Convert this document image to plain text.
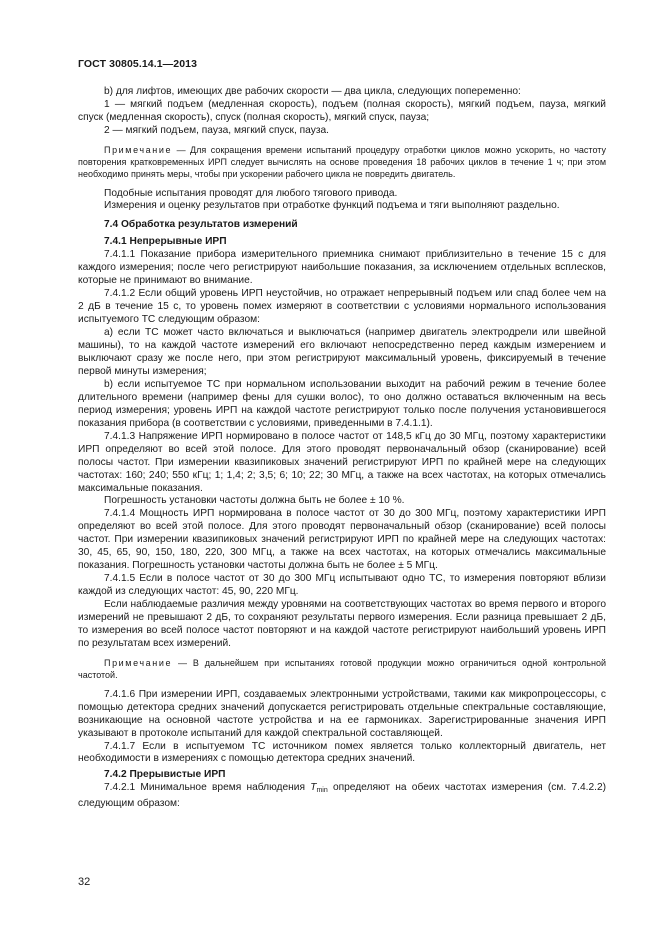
ГОСТ 30805.14.1—2013

b) для лифтов, имеющих две рабочих скорости — два цикла, следующих попеременно:

1 — мягкий подъем (медленная скорость), подъем (полная скорость), мягкий подъем, пауза, мягкий спуск (медленная скорость), спуск (полная скорость), мягкий спуск, пауза;

2 — мягкий подъем, пауза, мягкий спуск, пауза.

Примечание — Для сокращения времени испытаний процедуру отработки циклов можно ускорить, но частоту повторения кратковременных ИРП следует вычислять на основе проведения 18 рабочих циклов в течение 1 ч; при этом необходимо принять меры, чтобы при ускорении рабочего цикла не повредить двигатель.

Подобные испытания проводят для любого тягового привода.

Измерения и оценку результатов при отработке функций подъема и тяги выполняют раздельно.

7.4 Обработка результатов измерений

7.4.1 Непрерывные ИРП

7.4.1.1 Показание прибора измерительного приемника снимают приблизительно в течение 15 с для каждого измерения; после чего регистрируют наибольшие показания, за исключением отдельных всплесков, которые не принимают во внимание.

7.4.1.2 Если общий уровень ИРП неустойчив, но отражает непрерывный подъем или спад более чем на 2 дБ в течение 15 с, то уровень помех измеряют в соответствии с условиями нормального использования испытуемого ТС следующим образом:

a) если ТС может часто включаться и выключаться (например двигатель электродрели или швейной машины), то на каждой частоте измерений его включают непосредственно перед каждым измерением и выключают сразу же после него, при этом регистрируют максимальный уровень, фиксируемый в течение первой минуты измерения;

b) если испытуемое ТС при нормальном использовании выходит на рабочий режим в течение более длительного времени (например фены для сушки волос), то оно должно оставаться включенным на весь период измерения; уровень ИРП на каждой частоте регистрируют только после получения установившегося показания прибора (в соответствии с условиями, приведенными в 7.4.1.1).

7.4.1.3 Напряжение ИРП нормировано в полосе частот от 148,5 кГц до 30 МГц, поэтому характеристики ИРП определяют во всей этой полосе. Для этого проводят первоначальный обзор (сканирование) всей полосы частот. При измерении квазипиковых значений регистрируют ИРП по крайней мере на следующих частотах: 160; 240; 550 кГц; 1; 1,4; 2; 3,5; 6; 10; 22; 30 МГц, а также на всех частотах, на которых отмечались максимальные показания.

Погрешность установки частоты должна быть не более ± 10 %.

7.4.1.4 Мощность ИРП нормирована в полосе частот от 30 до 300 МГц, поэтому характеристики ИРП определяют во всей этой полосе. Для этого проводят первоначальный обзор (сканирование) всей полосы частот. При измерении квазипиковых значений регистрируют ИРП по крайней мере на следующих частотах: 30, 45, 65, 90, 150, 180, 220, 300 МГц, а также на всех частотах, на которых отмечались максимальные показания. Погрешность установки частоты должна быть не более ± 5 МГц.

7.4.1.5 Если в полосе частот от 30 до 300 МГц испытывают одно ТС, то измерения повторяют вблизи каждой из следующих частот: 45, 90, 220 МГц.

Если наблюдаемые различия между уровнями на соответствующих частотах во время первого и второго измерений не превышают 2 дБ, то сохраняют результаты первого измерения. Если разница превышает 2 дБ, то измерения во всей полосе частот повторяют и на каждой частоте регистрируют наибольший уровень ИРП по результатам всех измерений.

Примечание — В дальнейшем при испытаниях готовой продукции можно ограничиться одной контрольной частотой.

7.4.1.6 При измерении ИРП, создаваемых электронными устройствами, такими как микропроцессоры, с помощью детектора средних значений допускается регистрировать отдельные спектральные составляющие, возникающие на основной частоте устройства и на ее гармониках. Зарегистрированные значения ИРП указывают в протоколе испытаний для каждой спектральной составляющей.

7.4.1.7 Если в испытуемом ТС источником помех является только коллекторный двигатель, нет необходимости в измерениях с помощью детектора средних значений.

7.4.2 Прерывистые ИРП

7.4.2.1 Минимальное время наблюдения $T_{min}$ определяют на обеих частотах измерения (см. 7.4.2.2) следующим образом:

32
